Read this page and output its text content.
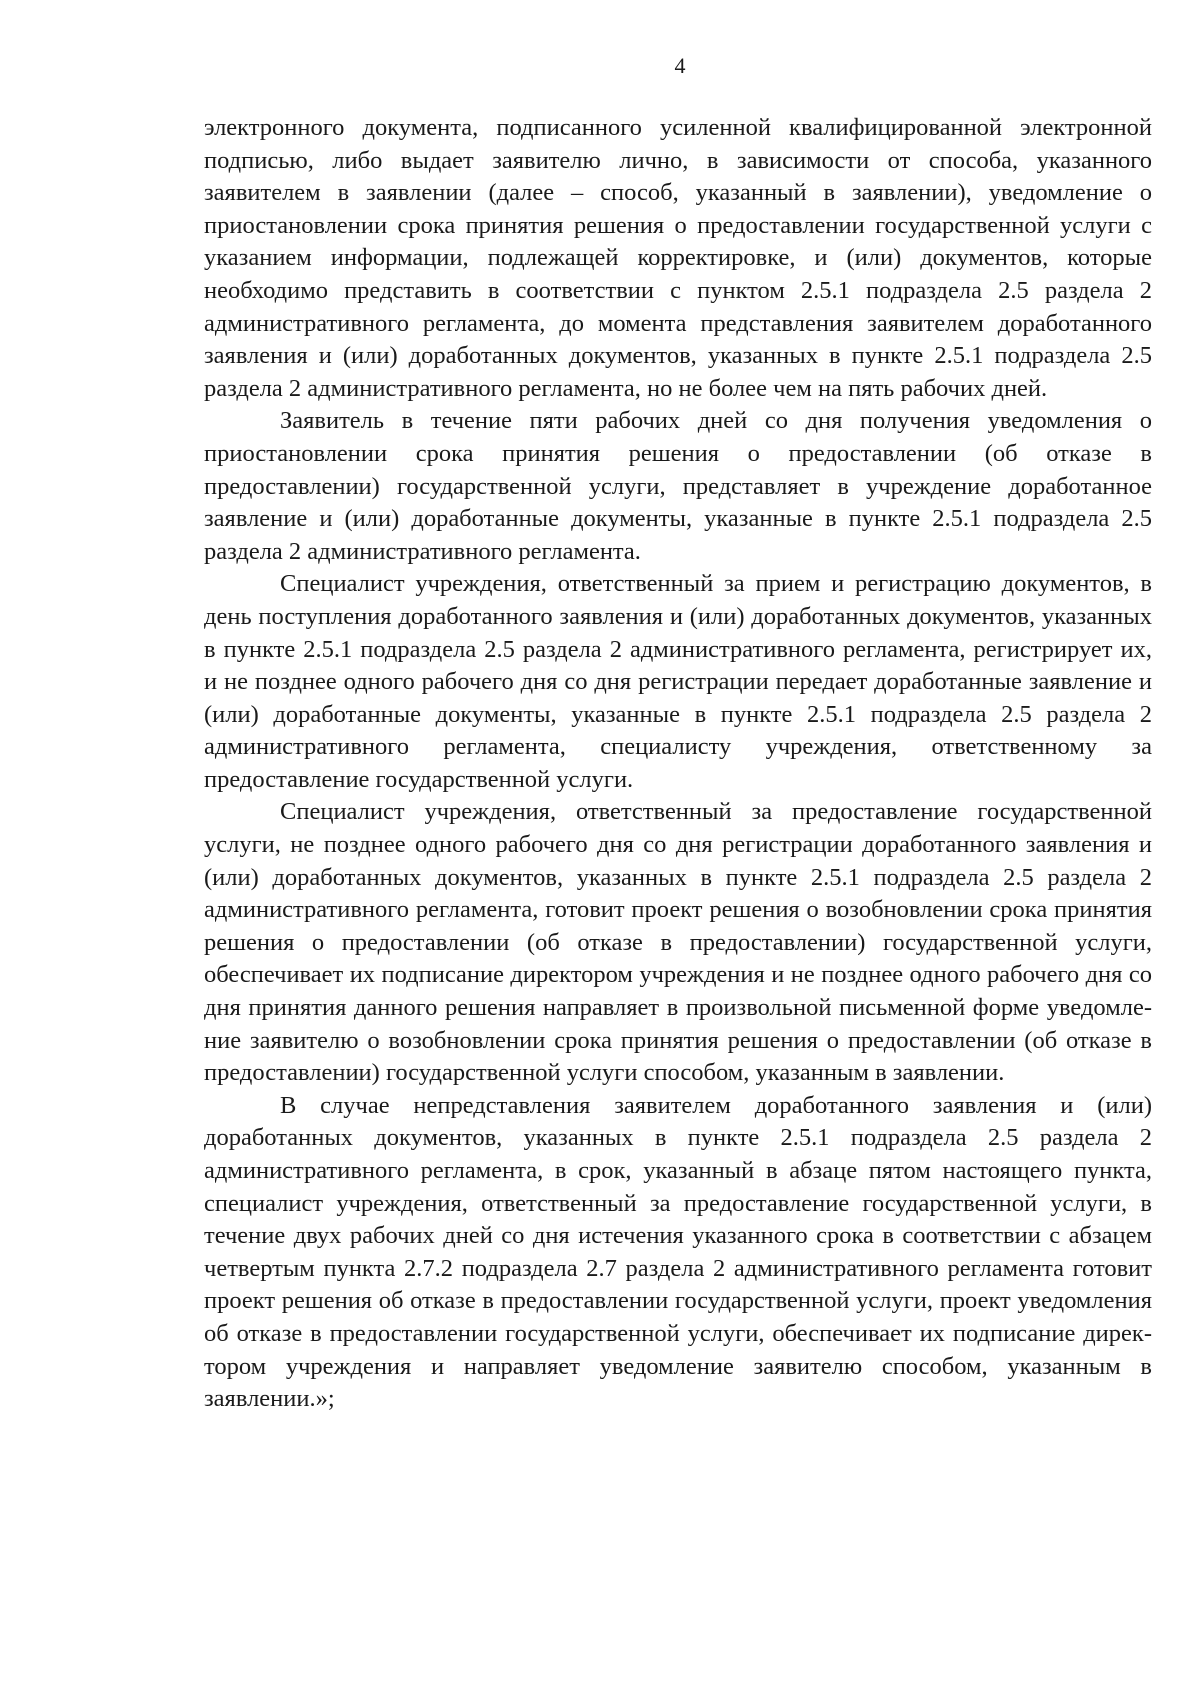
4

электронного документа, подписанного усиленной квалифицированной электронной подписью, либо выдает заявителю лично, в зависимости от способа, указанного заявителем в заявлении (далее – способ, указанный в заявлении), уведомление о приостановлении срока принятия решения о предоставлении государственной услуги с указанием информации, подлежащей корректировке, и (или) документов, которые необходимо представить в соответствии с пунктом 2.5.1 подраздела 2.5 раздела 2 административного регламента, до момента представления заявителем доработанного заявления и (или) доработанных документов, указанных в пункте 2.5.1 подраздела 2.5 раздела 2 административного регламента, но не более чем на пять рабочих дней.

Заявитель в течение пяти рабочих дней со дня получения уведомления о приостановлении срока принятия решения о предоставлении (об отказе в предоставлении) государственной услуги, представляет в учреждение доработанное заявление и (или) доработанные документы, указанные в пункте 2.5.1 подраздела 2.5 раздела 2 административного регламента.

Специалист учреждения, ответственный за прием и регистрацию документов, в день поступления доработанного заявления и (или) доработанных документов, указанных в пункте 2.5.1 подраздела 2.5 раздела 2 административного регламента, регистрирует их, и не позднее одного рабочего дня со дня регистрации передает доработанные заявление и (или) доработанные документы, указанные в пункте 2.5.1 подраздела 2.5 раздела 2 административного регламента, специалисту учреждения, ответственному за предоставление государственной услуги.

Специалист учреждения, ответственный за предоставление государственной услуги, не позднее одного рабочего дня со дня регистрации доработанного заявления и (или) доработанных документов, указанных в пункте 2.5.1 подраздела 2.5 раздела 2 административного регламента, готовит проект решения о возобновлении срока принятия решения о предоставлении (об отказе в предоставлении) государственной услуги, обеспечивает их подписание директором учреждения и не позднее одного рабочего дня со дня принятия данного решения направляет в произвольной письменной форме уведомление заявителю о возобновлении срока принятия решения о предоставлении (об отказе в предоставлении) государственной услуги способом, указанным в заявлении.

В случае непредставления заявителем доработанного заявления и (или) доработанных документов, указанных в пункте 2.5.1 подраздела 2.5 раздела 2 административного регламента, в срок, указанный в абзаце пятом настоящего пункта, специалист учреждения, ответственный за предоставление государственной услуги, в течение двух рабочих дней со дня истечения указанного срока в соответствии с абзацем четвертым пункта 2.7.2 подраздела 2.7 раздела 2 административного регламента готовит проект решения об отказе в предоставлении государственной услуги, проект уведомления об отказе в предоставлении государственной услуги, обеспечивает их подписание директором учреждения и направляет уведомление заявителю способом, указанным в заявлении.»;
